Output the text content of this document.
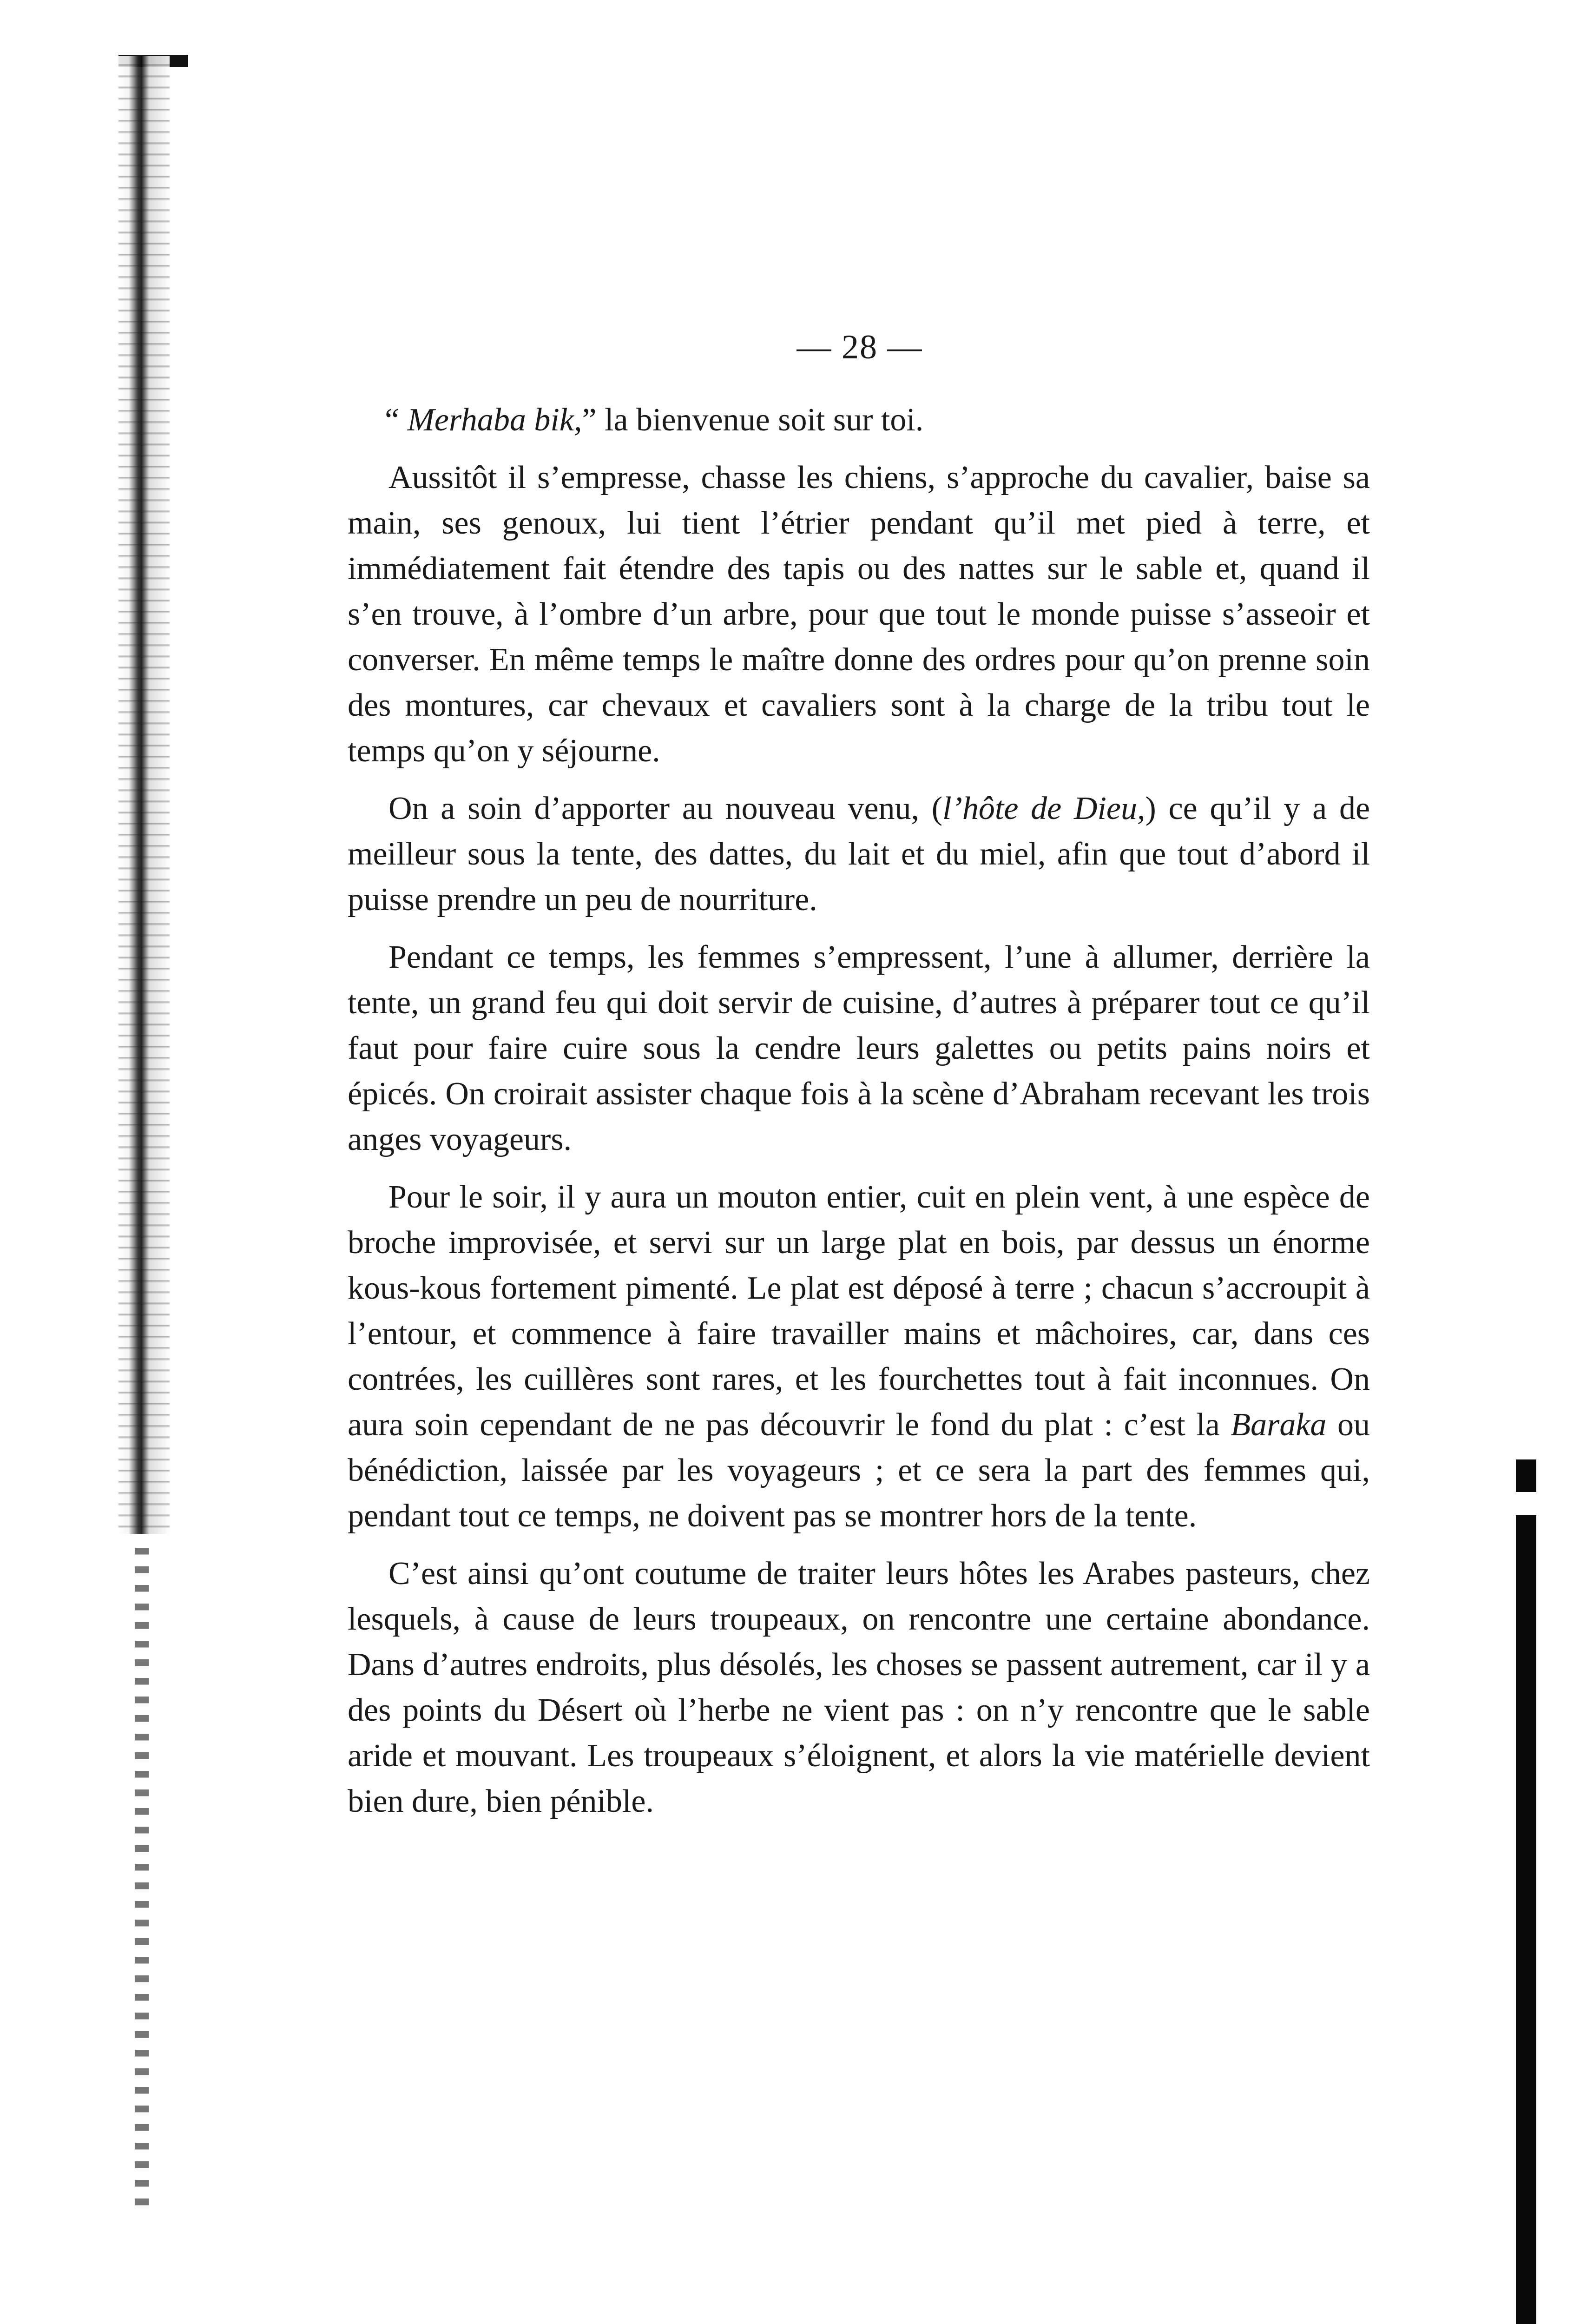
— 28 —

“ Merhaba bik,” la bienvenue soit sur toi.

Aussitôt il s’empresse, chasse les chiens, s’approche du cavalier, baise sa main, ses genoux, lui tient l’étrier pendant qu’il met pied à terre, et immédiatement fait étendre des tapis ou des nattes sur le sable et, quand il s’en trouve, à l’ombre d’un arbre, pour que tout le monde puisse s’asseoir et converser. En même temps le maître donne des ordres pour qu’on prenne soin des montures, car chevaux et cavaliers sont à la charge de la tribu tout le temps qu’on y séjourne.

On a soin d’apporter au nouveau venu, (l’hôte de Dieu,) ce qu’il y a de meilleur sous la tente, des dattes, du lait et du miel, afin que tout d’abord il puisse prendre un peu de nourriture.

Pendant ce temps, les femmes s’empressent, l’une à allumer, derrière la tente, un grand feu qui doit servir de cuisine, d’autres à préparer tout ce qu’il faut pour faire cuire sous la cendre leurs galettes ou petits pains noirs et épicés. On croirait assister chaque fois à la scène d’Abraham recevant les trois anges voyageurs.

Pour le soir, il y aura un mouton entier, cuit en plein vent, à une espèce de broche improvisée, et servi sur un large plat en bois, par dessus un énorme kous-kous fortement pimenté. Le plat est déposé à terre ; chacun s’accroupit à l’entour, et commence à faire travailler mains et mâchoires, car, dans ces contrées, les cuillères sont rares, et les fourchettes tout à fait inconnues. On aura soin cependant de ne pas découvrir le fond du plat : c’est la Baraka ou bénédiction, laissée par les voyageurs ; et ce sera la part des femmes qui, pendant tout ce temps, ne doivent pas se montrer hors de la tente.

C’est ainsi qu’ont coutume de traiter leurs hôtes les Arabes pasteurs, chez lesquels, à cause de leurs troupeaux, on rencontre une certaine abondance. Dans d’autres endroits, plus désolés, les choses se passent autrement, car il y a des points du Désert où l’herbe ne vient pas : on n’y rencontre que le sable aride et mouvant. Les troupeaux s’éloignent, et alors la vie matérielle devient bien dure, bien pénible.
